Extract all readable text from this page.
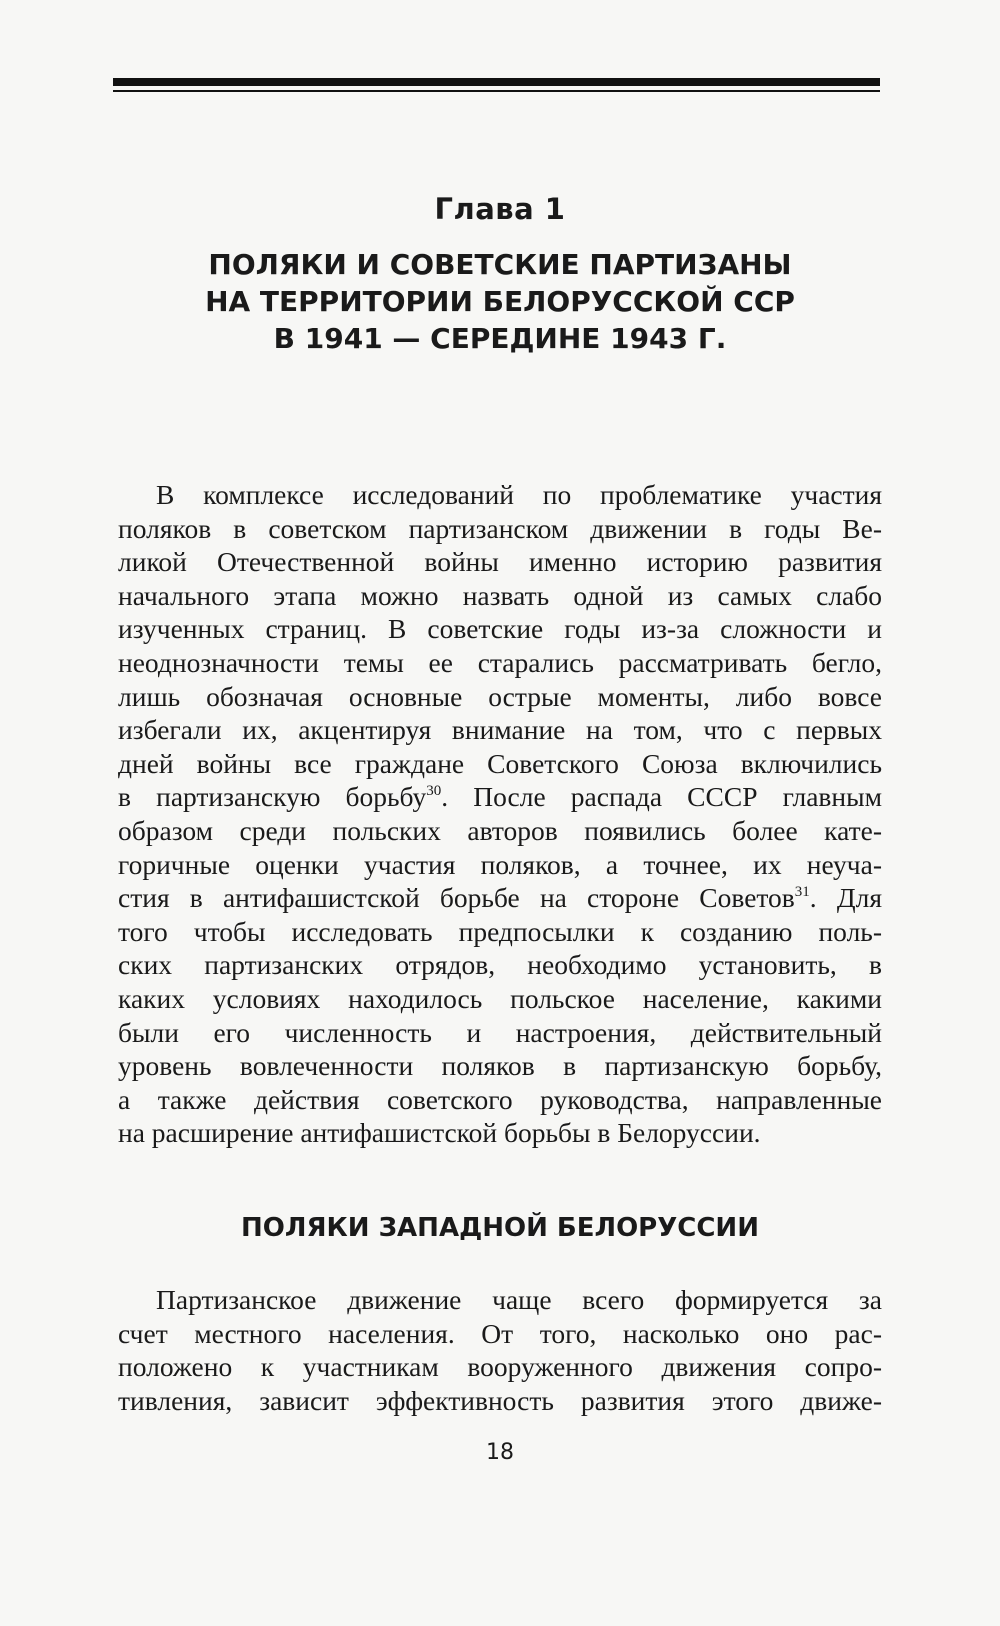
Глава 1
ПОЛЯКИ И СОВЕТСКИЕ ПАРТИЗАНЫ
НА ТЕРРИТОРИИ БЕЛОРУССКОЙ ССР
В 1941 — СЕРЕДИНЕ 1943 Г.
В комплексе исследований по проблематике участия
поляков в советском партизанском движении в годы Ве-
ликой Отечественной войны именно историю развития
начального этапа можно назвать одной из самых слабо
изученных страниц. В советские годы из-за сложности и
неоднозначности темы ее старались рассматривать бегло,
лишь обозначая основные острые моменты, либо вовсе
избегали их, акцентируя внимание на том, что с первых
дней войны все граждане Советского Союза включились
в партизанскую борьбу$^{30}$. После распада СССР главным
образом среди польских авторов появились более кате-
горичные оценки участия поляков, а точнее, их неуча-
стия в антифашистской борьбе на стороне Советов$^{31}$. Для
того чтобы исследовать предпосылки к созданию поль-
ских партизанских отрядов, необходимо установить, в
каких условиях находилось польское население, какими
были его численность и настроения, действительный
уровень вовлеченности поляков в партизанскую борьбу,
а также действия советского руководства, направленные
на расширение антифашистской борьбы в Белоруссии.
ПОЛЯКИ ЗАПАДНОЙ БЕЛОРУССИИ
Партизанское движение чаще всего формируется за
счет местного населения. От того, насколько оно рас-
положено к участникам вооруженного движения сопро-
тивления, зависит эффективность развития этого движе-
18
